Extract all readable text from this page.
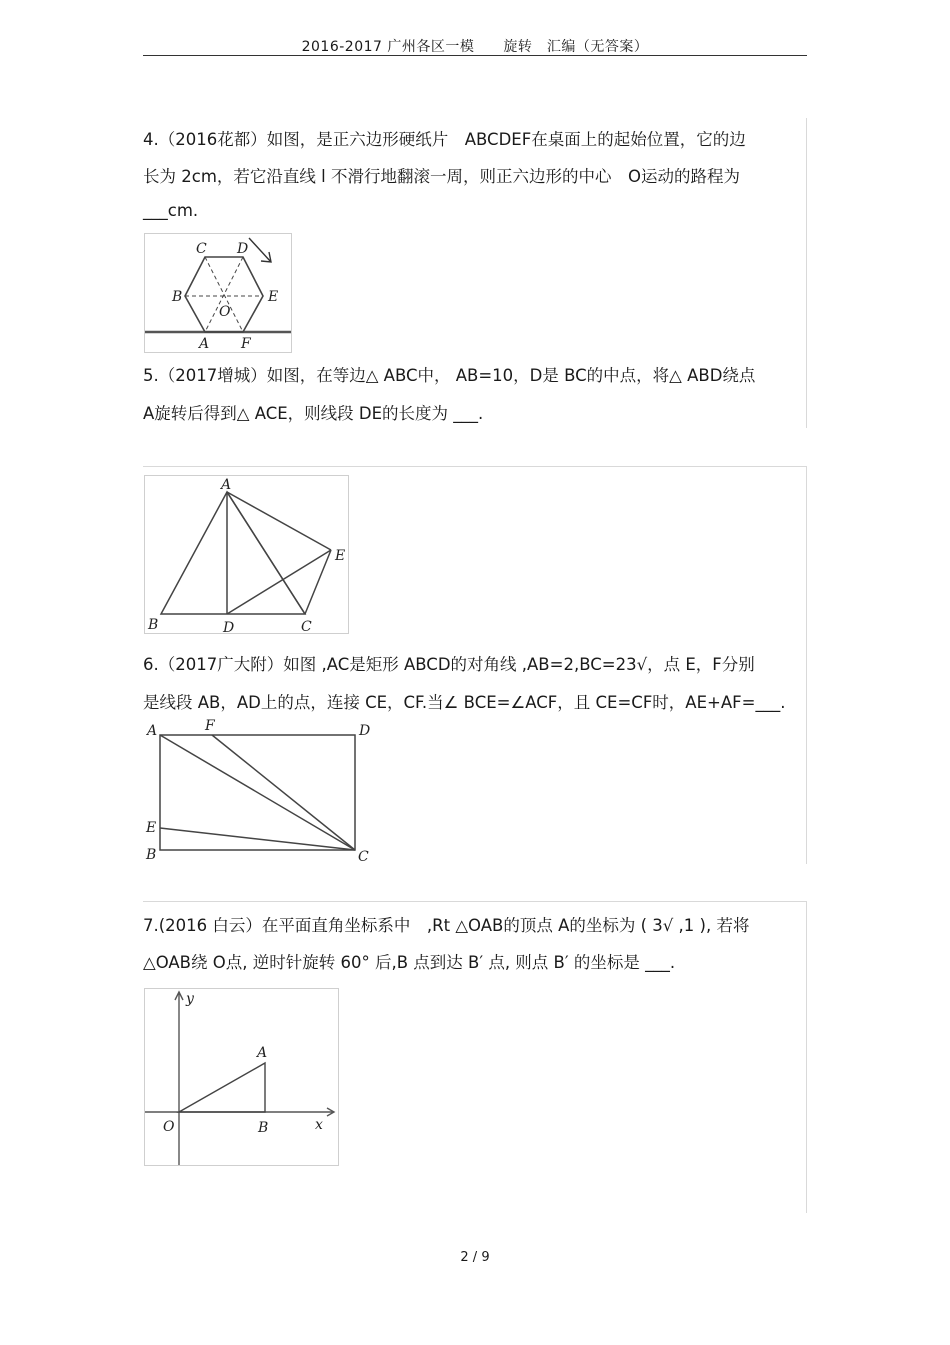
2016-2017 广州各区一模　　旋转　汇编（无答案）
4.（2016花都）如图，是正六边形硬纸片　ABCDEF在桌面上的起始位置，它的边
长为 2cm，若它沿直线 l 不滑行地翻滚一周，则正六边形的中心　O运动的路程为
___cm.
C D
B	E
O
A F
5.（2017增城）如图，在等边△ ABC中， AB=10，D是 BC的中点，将△ ABD绕点
A旋转后得到△ ACE，则线段 DE的长度为 ___.
A
B	C
D
E
6.（2017广大附）如图 ,AC是矩形 ABCD的对角线 ,AB=2,BC=23√，点 E，F分别
是线段 AB，AD上的点，连接 CE，CF.当∠ BCE=∠ACF，且 CE=CF时，AE+AF=___.
A	F	D
E
B	C
7.(2016 白云）在平面直角坐标系中　,Rt △OAB的顶点 A的坐标为 ( 3√ ,1 ), 若将
△OAB绕 O点, 逆时针旋转 60° 后,B 点到达 B′ 点, 则点 B′ 的坐标是 ___.
y
A
O	B	x
2 / 9
